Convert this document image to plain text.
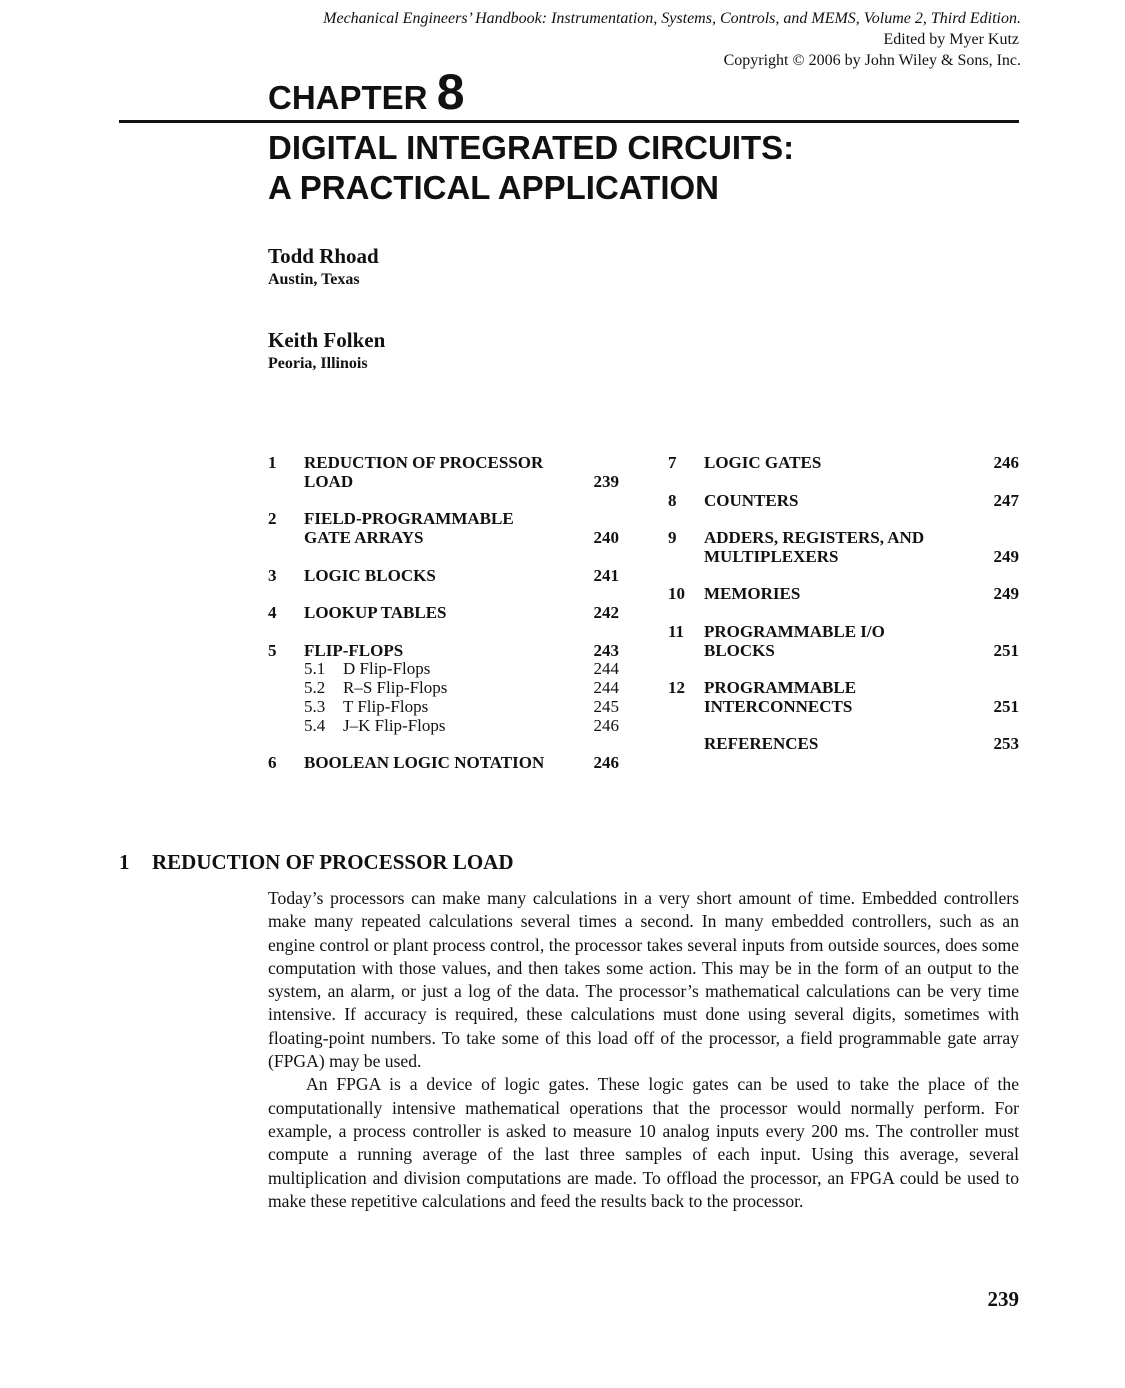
Mechanical Engineers’ Handbook: Instrumentation, Systems, Controls, and MEMS, Volume 2, Third Edition.
Edited by Myer Kutz
Copyright © 2006 by John Wiley & Sons, Inc.
CHAPTER 8
DIGITAL INTEGRATED CIRCUITS:
A PRACTICAL APPLICATION
Todd Rhoad
Austin, Texas
Keith Folken
Peoria, Illinois
1 REDUCTION OF PROCESSOR
LOAD	239
2 FIELD-PROGRAMMABLE
GATE ARRAYS	240
3 LOGIC BLOCKS	241
4 LOOKUP TABLES	242
5 FLIP-FLOPS	243
5.1 D Flip-Flops	244
5.2 R–S Flip-Flops	244
5.3 T Flip-Flops	245
5.4 J–K Flip-Flops	246
6 BOOLEAN LOGIC NOTATION	246
7 LOGIC GATES	246
8 COUNTERS	247
9 ADDERS, REGISTERS, AND
MULTIPLEXERS	249
10 MEMORIES	249
11 PROGRAMMABLE I/O
BLOCKS	251
12 PROGRAMMABLE
INTERCONNECTS	251
REFERENCES	253
1 REDUCTION OF PROCESSOR LOAD

Today’s processors can make many calculations in a very short amount of time. Embedded controllers make many repeated calculations several times a second. In many embedded controllers, such as an engine control or plant process control, the processor takes several inputs from outside sources, does some computation with those values, and then takes some action. This may be in the form of an output to the system, an alarm, or just a log of the data. The processor’s mathematical calculations can be very time intensive. If accuracy is required, these calculations must done using several digits, sometimes with floating-point numbers. To take some of this load off of the processor, a field programmable gate array (FPGA) may be used.

An FPGA is a device of logic gates. These logic gates can be used to take the place of the computationally intensive mathematical operations that the processor would normally perform. For example, a process controller is asked to measure 10 analog inputs every 200 ms. The controller must compute a running average of the last three samples of each input. Using this average, several multiplication and division computations are made. To offload the processor, an FPGA could be used to make these repetitive calculations and feed the results back to the processor.

239
